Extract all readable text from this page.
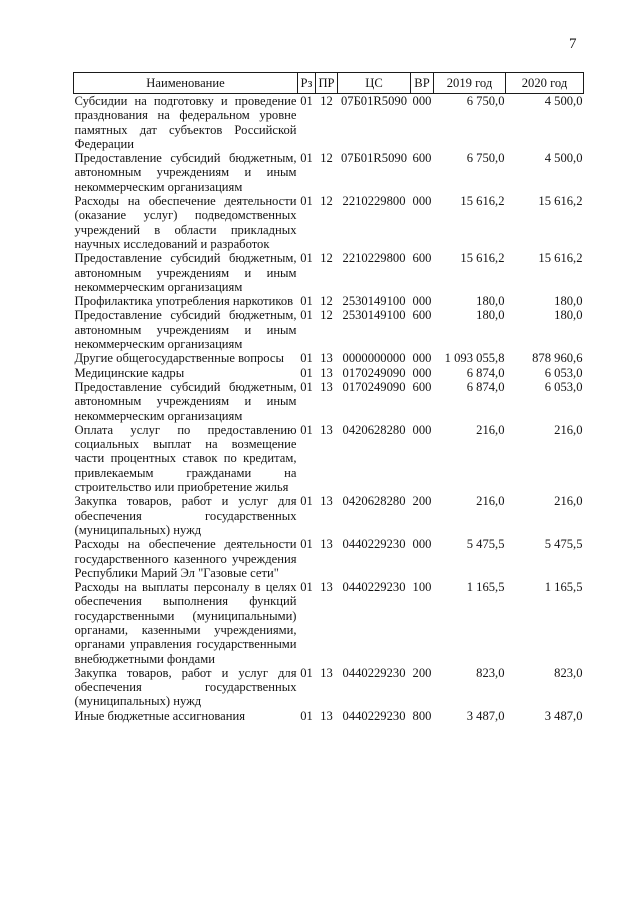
7
Наименование	Рз	ПР	ЦС	ВР	2019 год	2020 год
Субсидии на подготовку и проведение празднования на федеральном уровне памятных дат субъектов Российской Федерации	01	12	07Б01R5090	000	6 750,0	4 500,0
Предоставление субсидий бюджетным, автономным учреждениям и иным некоммерческим организациям	01	12	07Б01R5090	600	6 750,0	4 500,0
Расходы на обеспечение деятельности (оказание услуг) подведомственных учреждений в области прикладных научных исследований и разработок	01	12	2210229800	000	15 616,2	15 616,2
Предоставление субсидий бюджетным, автономным учреждениям и иным некоммерческим организациям	01	12	2210229800	600	15 616,2	15 616,2
Профилактика употребления наркотиков	01	12	2530149100	000	180,0	180,0
Предоставление субсидий бюджетным, автономным учреждениям и иным некоммерческим организациям	01	12	2530149100	600	180,0	180,0
Другие общегосударственные вопросы	01	13	0000000000	000	1 093 055,8	878 960,6
Медицинские кадры	01	13	0170249090	000	6 874,0	6 053,0
Предоставление субсидий бюджетным, автономным учреждениям и иным некоммерческим организациям	01	13	0170249090	600	6 874,0	6 053,0
Оплата услуг по предоставлению социальных выплат на возмещение части процентных ставок по кредитам, привлекаемым гражданами на строительство или приобретение жилья	01	13	0420628280	000	216,0	216,0
Закупка товаров, работ и услуг для обеспечения государственных (муниципальных) нужд	01	13	0420628280	200	216,0	216,0
Расходы на обеспечение деятельности государственного казенного учреждения Республики Марий Эл "Газовые сети"	01	13	0440229230	000	5 475,5	5 475,5
Расходы на выплаты персоналу в целях обеспечения выполнения функций государственными (муниципальными) органами, казенными учреждениями, органами управления государственными внебюджетными фондами	01	13	0440229230	100	1 165,5	1 165,5
Закупка товаров, работ и услуг для обеспечения государственных (муниципальных) нужд	01	13	0440229230	200	823,0	823,0
Иные бюджетные ассигнования	01	13	0440229230	800	3 487,0	3 487,0
